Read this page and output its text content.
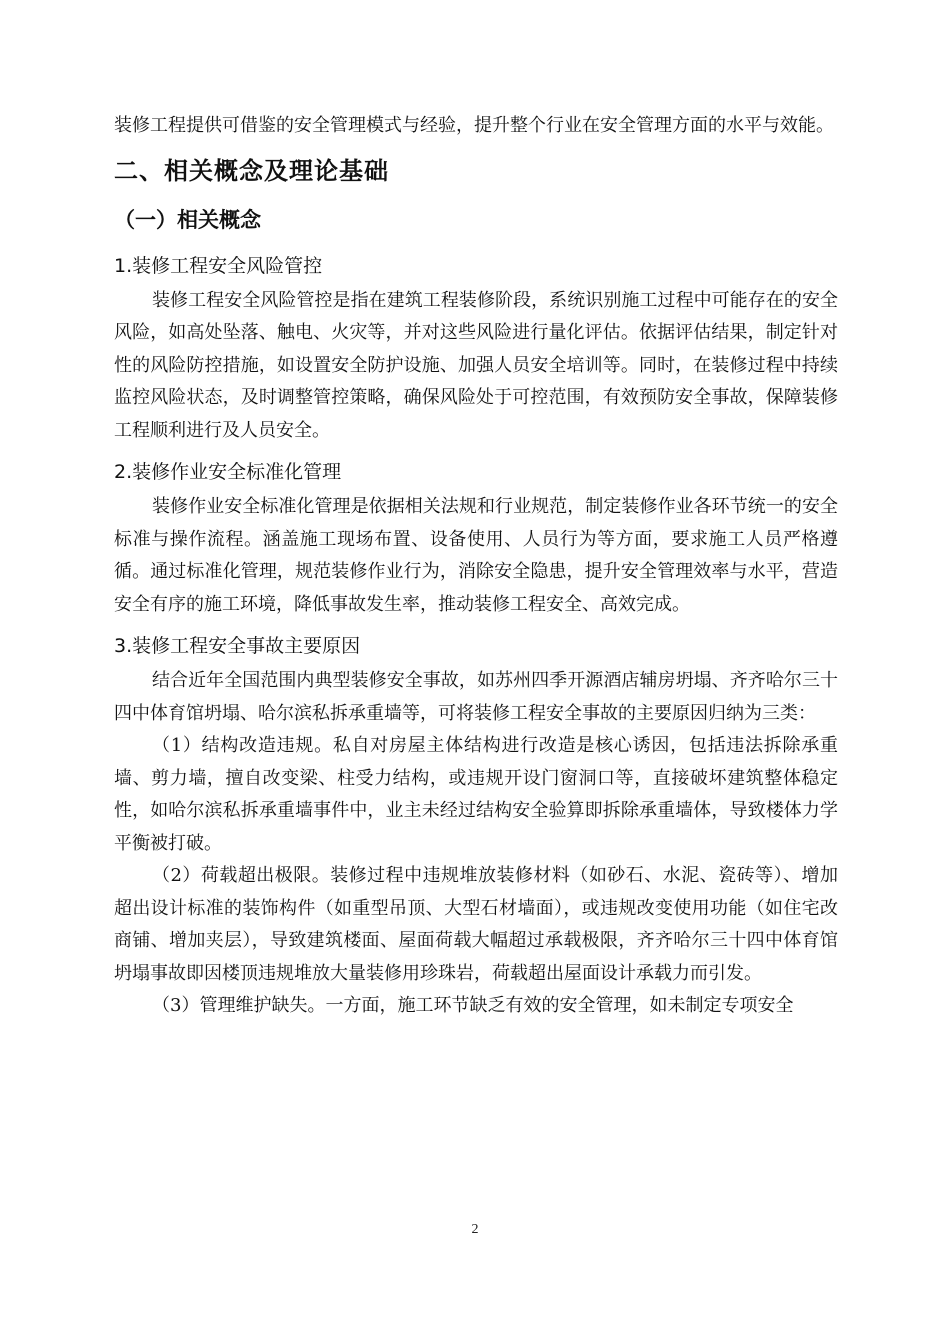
装修工程提供可借鉴的安全管理模式与经验，提升整个行业在安全管理方面的水平与效能。

二、相关概念及理论基础
（一）相关概念
1.装修工程安全风险管控

装修工程安全风险管控是指在建筑工程装修阶段，系统识别施工过程中可能存在的安全风险，如高处坠落、触电、火灾等，并对这些风险进行量化评估。依据评估结果，制定针对性的风险防控措施，如设置安全防护设施、加强人员安全培训等。同时，在装修过程中持续监控风险状态，及时调整管控策略，确保风险处于可控范围，有效预防安全事故，保障装修工程顺利进行及人员安全。

2.装修作业安全标准化管理

装修作业安全标准化管理是依据相关法规和行业规范，制定装修作业各环节统一的安全标准与操作流程。涵盖施工现场布置、设备使用、人员行为等方面，要求施工人员严格遵循。通过标准化管理，规范装修作业行为，消除安全隐患，提升安全管理效率与水平，营造安全有序的施工环境，降低事故发生率，推动装修工程安全、高效完成。

3.装修工程安全事故主要原因

结合近年全国范围内典型装修安全事故，如苏州四季开源酒店辅房坍塌、齐齐哈尔三十四中体育馆坍塌、哈尔滨私拆承重墙等，可将装修工程安全事故的主要原因归纳为三类：

（1）结构改造违规。私自对房屋主体结构进行改造是核心诱因，包括违法拆除承重墙、剪力墙，擅自改变梁、柱受力结构，或违规开设门窗洞口等，直接破坏建筑整体稳定性，如哈尔滨私拆承重墙事件中，业主未经过结构安全验算即拆除承重墙体，导致楼体力学平衡被打破。

（2）荷载超出极限。装修过程中违规堆放装修材料（如砂石、水泥、瓷砖等）、增加超出设计标准的装饰构件（如重型吊顶、大型石材墙面），或违规改变使用功能（如住宅改商铺、增加夹层），导致建筑楼面、屋面荷载大幅超过承载极限，齐齐哈尔三十四中体育馆坍塌事故即因楼顶违规堆放大量装修用珍珠岩，荷载超出屋面设计承载力而引发。

（3）管理维护缺失。一方面，施工环节缺乏有效的安全管理，如未制定专项安全

2
